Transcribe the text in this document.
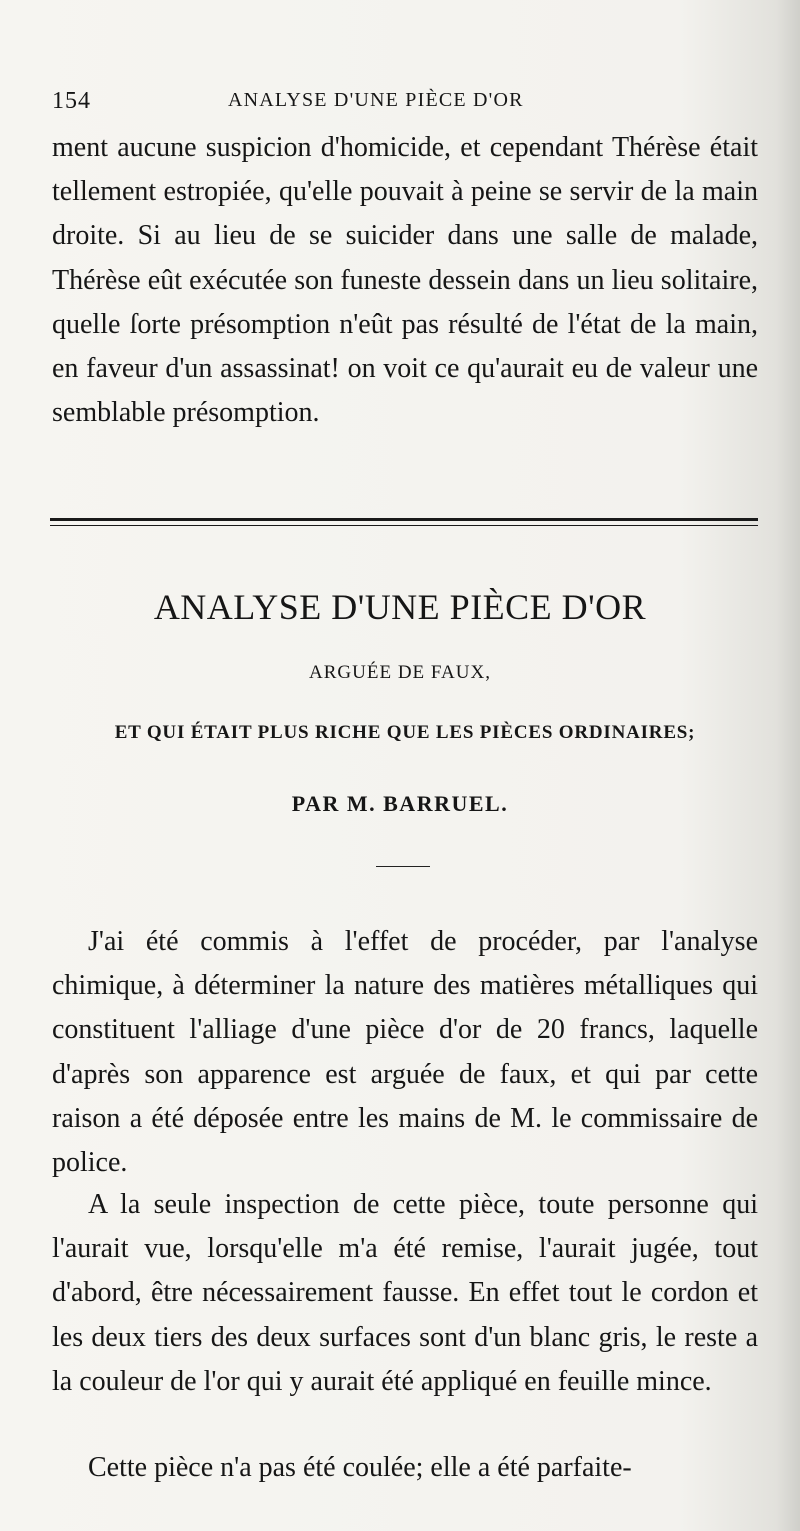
154	ANALYSE D'UNE PIÈCE D'OR

ment aucune suspicion d'homicide, et cependant Thérèse était tellement estropiée, qu'elle pouvait à peine se servir de la main droite. Si au lieu de se suicider dans une salle de malade, Thérèse eût exécutée son funeste dessein dans un lieu solitaire, quelle ſorte présomption n'eût pas résulté de l'état de la main, en faveur d'un assassinat! on voit ce qu'aurait eu de valeur une semblable présomption.

ANALYSE D'UNE PIÈCE D'OR
ARGUÉE DE FAUX,
ET QUI ÉTAIT PLUS RICHE QUE LES PIÈCES ORDINAIRES;
PAR M. BARRUEL.

J'ai été commis à l'effet de procéder, par l'analyse chimique, à déterminer la nature des matières métalliques qui constituent l'alliage d'une pièce d'or de 20 francs, laquelle d'après son apparence est arguée de faux, et qui par cette raison a été déposée entre les mains de M. le commissaire de police.

A la seule inspection de cette pièce, toute personne qui l'aurait vue, lorsqu'elle m'a été remise, l'aurait jugée, tout d'abord, être nécessairement fausse. En effet tout le cordon et les deux tiers des deux surfaces sont d'un blanc gris, le reste a la couleur de l'or qui y aurait été appliqué en feuille mince.

Cette pièce n'a pas été coulée; elle a été parfaite-
